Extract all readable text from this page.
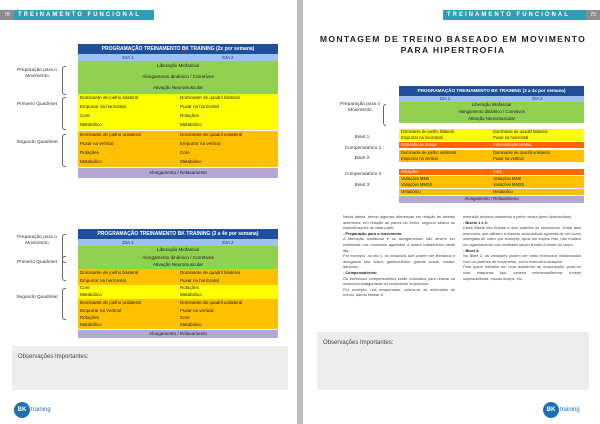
78	TREINAMENTO FUNCIONAL
Preparação para o Movimento
Primeiro Quadriset
Segundo Quadriset
PROGRAMAÇÃO TREINAMENTO BK TRAINING (2x por semana)
DIA 1	DIA 2
Liberação Miofascial
Alongamento dinâmico / Corretivos
Ativação Neuromuscular
Dominante de joelho bilateral	Dominante de quadril bilateral
Empurrar na horizontal	Puxar na horizontal
Core	Rotações
Metabólico	Metabólico
Dominante de joelho unilateral	Dominante de quadril unilateral
Puxar na vertical	Empurrar na vertical
Rotações	Core
Metabólico	Metabólico
Alongamento / Relaxamento
Preparação para o Movimento
Primeiro Quadriset
Segundo Quadriset
PROGRAMAÇÃO TREINAMENTO BK TRAINING (3 a 4x por semana)
DIA 1	DIA 2
Liberação Miofascial
Alongamento dinâmico / Corretivos
Ativação Neuromuscular
Dominante de joelho bilateral	Dominante de quadril bilateral
Empurrar na horizontal	Puxar na horizontal
Core	Rotações
Metabólico	Metabólico
Dominante de joelho unilateral	Dominante de quadril unilateral
Empurrar na Vertical	Puxar na vertical
Rotações	Core
Metabólico	Metabólico
Alongamento / Relaxamento
Observações Importantes:
BK training
TREINAMENTO FUNCIONAL	79
MONTAGEM DE TREINO BASEADO EM MOVIMENTO PARA HIPERTROFIA
Preparação para o Movimento
Biset 1
Compensatório 1
Biset 2
Compensatório 2
Biset 3
PROGRAMAÇÃO TREINAMENTO BK TRAINING (3 a 4x por semana)
DIA 1	DIA 2
Liberação Miofascial
Alongamento dinâmico / Corretivos
Ativação Neuromuscular
Dominante de joelho bilateral	Dominante de quadril bilateral
Empurrar na horizontal	Puxar na horizontal
Extensão de tronco	Anti-extensão lombar
Dominante de joelho unilateral	Dominante de quadril unilateral
Empurrar na vertical	Puxar na vertical
Rotações	Core
Variações MMII	Variações MMII
Variações MMSS	Variações MMSS
Metabólico	Metabólico
Alongamento / Relaxamento

Nesta tabela, temos algumas diferenças em relação às tabelas anteriores, em relação as partes do treino, seguem abaixo as especificações de cada parte:

- Preparação para o movimento:

A liberação miofascial e os alongamentos não devem ser realizados nos músculos agonistas a serem trabalhados neste dia.

Por exemplo, no dia 1, os músculos que podem ser liberados e alongados são: sóleo, gastrocnêmio, grande dorsal, costas, adutores.

- Compensatórios:

Os exercícios compensatórios estão colocados para relaxar os músculos antagonistas do movimento empurrado.

Por exemplo, nos empurradas, coloca-se as extensões de tronco, dando ênfase a

extensão torácica mantendo a pelve neutra (sem hiperlordose).

- Bisets 1 e 2:

Estes Bisets dão ênfase a dois padrões de movimento. Evitar dois exercícios que utilizem a mesma musculatura agonista de um como sinergista de outro, por exemplo, após um supino reto, não realizar um agachamento com kettlebell sendo levado à frente do corpo.

- Biset 3:

No Biset 3, as variações podem ser tanto exercícios relacionados com os padrões de movimento, como exercícios isolados.

Para quem trabalha em uma academia de musculação, pode-se usar máquinas tipo: cadeira extensora/flexora, tríceps supinado/testa, roscas bíceps, etc.

Observações Importantes:
BK training
